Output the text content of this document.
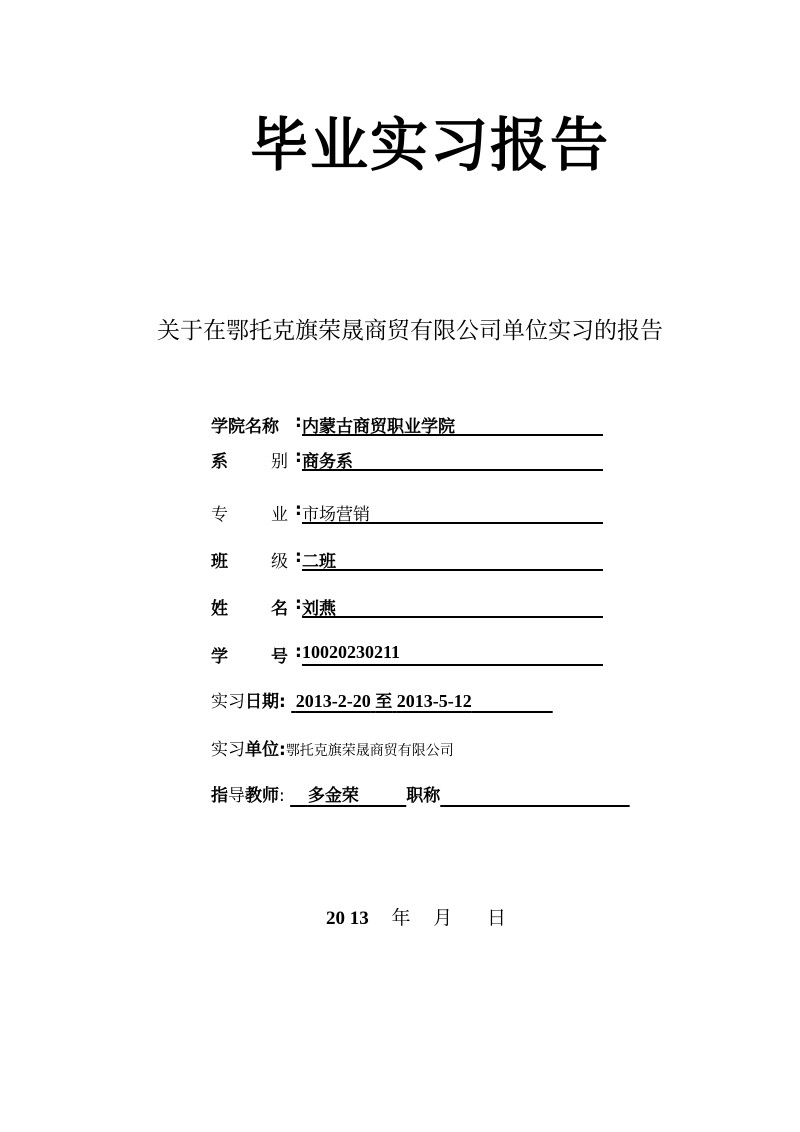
毕业实习报告
关于在鄂托克旗荣晟商贸有限公司单位实习的报告
学院名称 : 内蒙古商贸职业学院
系	别 : 商务系
专	业 : 市场营销
班	级 : 二班
姓	名 : 刘燕
学	号 : 10020230211
实习日期: 2013-2-20 至 2013-5-12
实习单位:鄂托克旗荣晟商贸有限公司
指导教师: 多金荣	职称
20 13 年 月 日
